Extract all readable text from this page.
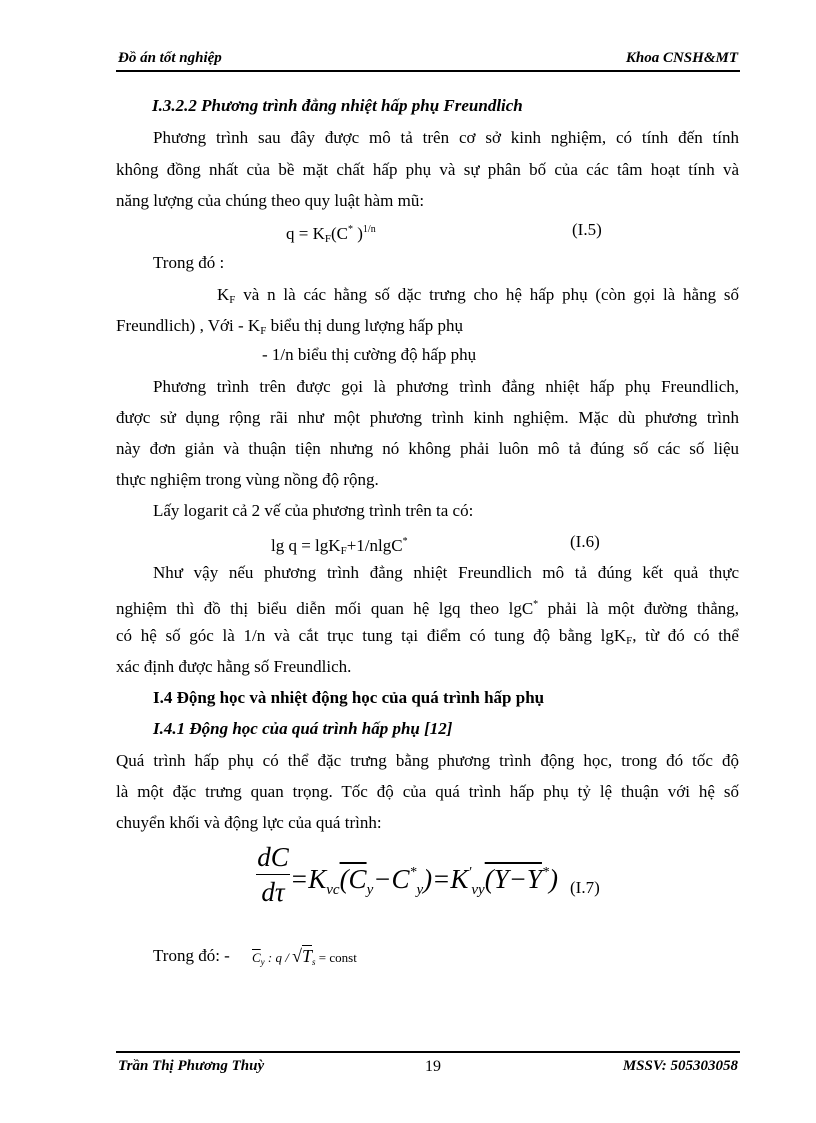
Đồ án tốt nghiệp	Khoa CNSH&MT
I.3.2.2 Phương trình đẳng nhiệt hấp phụ Freundlich
Phương trình sau đây được mô tả trên cơ sở kinh nghiệm, có tính đến tính
không đồng nhất của bề mặt chất hấp phụ và sự phân bố của các tâm hoạt tính và
năng lượng của chúng theo quy luật hàm mũ:
$q = K_F(C^*$ )$^{1/n}$	(I.5)
Trong đó :
$K_F$ và n là các hằng số dặc trưng cho hệ hấp phụ (còn gọi là hằng số
Freundlich) , Với - $K_F$ biểu thị dung lượng hấp phụ
- 1/n biểu thị cường độ hấp phụ
Phương trình trên được gọi là phương trình đẳng nhiệt hấp phụ Freundlich,
được sử dụng rộng rãi như một phương trình kinh nghiệm. Mặc dù phương trình
này đơn giản và thuận tiện nhưng nó không phải luôn mô tả đúng số các số liệu
thực nghiệm trong vùng nồng độ rộng.
Lấy logarit cả 2 vế của phương trình trên ta có:
lg q = lgK$_F$+1/nlgC*	(I.6)
Như vậy nếu phương trình đẳng nhiệt Freundlich mô tả đúng kết quả thực
nghiệm thì đồ thị biểu diễn mối quan hệ lgq theo lgC* phải là một đường thẳng,
có hệ số góc là 1/n và cắt trục tung tại điểm có tung độ bằng lgK$_F$, từ đó có thể
xác định được hằng số Freundlich.
I.4 Động học và nhiệt động học của quá trình hấp phụ
I.4.1 Động học của quá trình hấp phụ [12]
Quá trình hấp phụ có thể đặc trưng bằng phương trình động học, trong đó tốc độ
là một đặc trưng quan trọng. Tốc độ của quá trình hấp phụ tỷ lệ thuận với hệ số
chuyển khối và động lực của quá trình:
dC
$d\tau =K_{vc}(C_y-C^*_y)=K'_{vy}(Y-Y^*)$ (I.7)
Trong đó: - $\overline{C}_y$ : q / $√T_s$ = const
Trần Thị Phương Thuỳ	19	MSSV: 505303058
